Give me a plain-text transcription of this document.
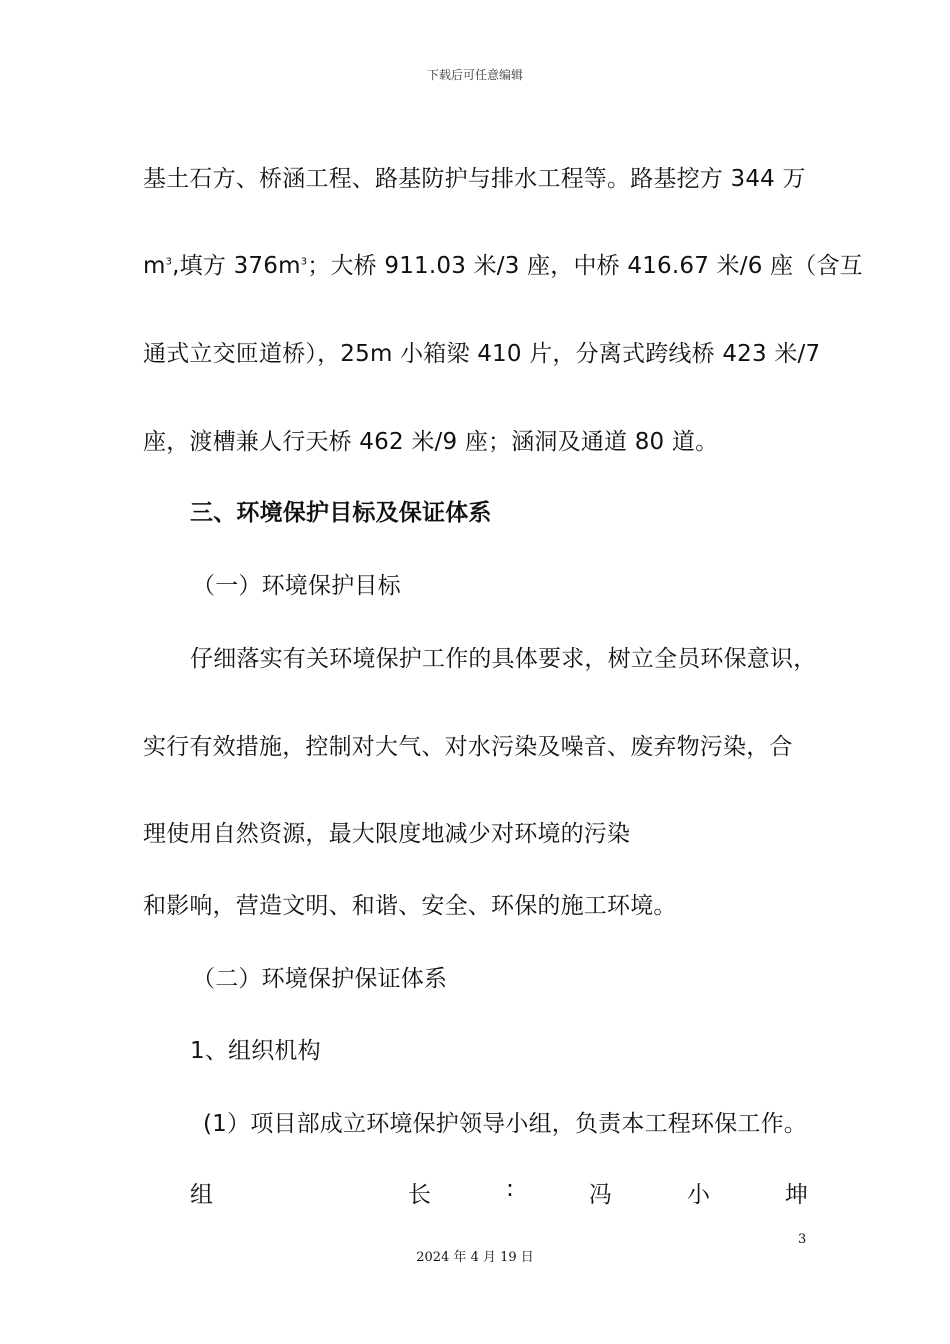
下载后可任意编辑
基土石方、桥涵工程、路基防护与排水工程等。路基挖方 344 万
$m^3$,填方 $376m^3$；大桥 911.03 米/3 座，中桥 416.67 米/6 座（含互
通式立交匝道桥），25m 小箱梁 410 片，分离式跨线桥 423 米/7
座，渡槽兼人行天桥 462 米/9 座；涵洞及通道 80 道。
三、环境保护目标及保证体系
（一）环境保护目标
仔细落实有关环境保护工作的具体要求，树立全员环保意识，
实行有效措施，控制对大气、对水污染及噪音、废弃物污染，合
理使用自然资源，最大限度地减少对环境的污染
和影响，营造文明、和谐、安全、环保的施工环境。
（二）环境保护保证体系
1、组织机构
(1）项目部成立环境保护领导小组，负责本工程环保工作。
组	长	:	冯	小	坤
3
2024 年 4 月 19 日
